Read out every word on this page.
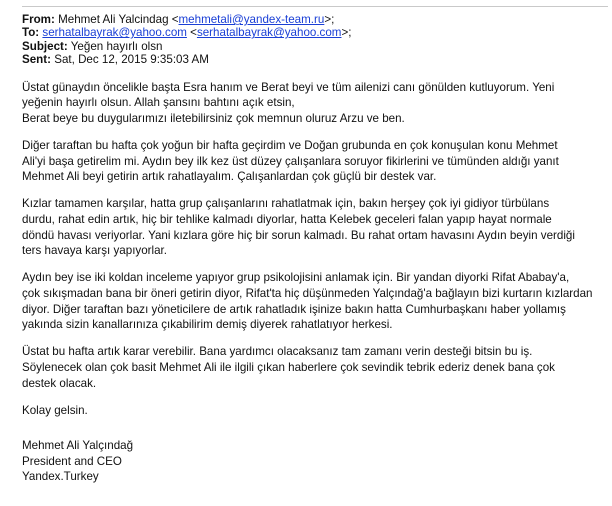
From: Mehmet Ali Yalcindag <mehmetali@yandex-team.ru>;
To: serhatalbayrak@yahoo.com <serhatalbayrak@yahoo.com>;
Subject: Yeğen hayırlı olsn
Sent: Sat, Dec 12, 2015 9:35:03 AM

Üstat günaydın öncelikle başta Esra hanım ve Berat beyi ve tüm ailenizi canı gönülden kutluyorum. Yeni
yeğenin hayırlı olsun. Allah şansını bahtını açık etsin,
Berat beye bu duygularımızı iletebilirsiniz çok memnun oluruz Arzu ve ben.

Diğer taraftan bu hafta çok yoğun bir hafta geçirdim ve Doğan grubunda en çok konuşulan konu Mehmet
Ali'yi başa getirelim mi. Aydın bey ilk kez üst düzey çalışanlara soruyor fikirlerini ve tümünden aldığı yanıt
Mehmet Ali beyi getirin artık rahatlayalım. Çalışanlardan çok güçlü bir destek var.

Kızlar tamamen karşılar, hatta grup çalışanlarını rahatlatmak için, bakın herşey çok iyi gidiyor türbülans
durdu, rahat edin artık, hiç bir tehlike kalmadı diyorlar, hatta Kelebek geceleri falan yapıp hayat normale
döndü havası veriyorlar. Yani kızlara göre hiç bir sorun kalmadı. Bu rahat ortam havasını Aydın beyin verdiği
ters havaya karşı yapıyorlar.

Aydın bey ise iki koldan inceleme yapıyor grup psikolojisini anlamak için. Bir yandan diyorki Rifat Ababay'a,
çok sıkışmadan bana bir öneri getirin diyor, Rifat'ta hiç düşünmeden Yalçındağ'a bağlayın bizi kurtarın kızlardan
diyor. Diğer taraftan bazı yöneticilere de artık rahatladık işinize bakın hatta Cumhurbaşkanı haber yollamış
yakında sizin kanallarınıza çıkabilirim demiş diyerek rahatlatıyor herkesi.

Üstat bu hafta artık karar verebilir. Bana yardımcı olacaksanız tam zamanı verin desteği bitsin bu iş.
Söylenecek olan çok basit Mehmet Ali ile ilgili çıkan haberlere çok sevindik tebrik ederiz denek bana çok
destek olacak.

Kolay gelsin.

Mehmet Ali Yalçındağ
President and CEO
Yandex.Turkey
